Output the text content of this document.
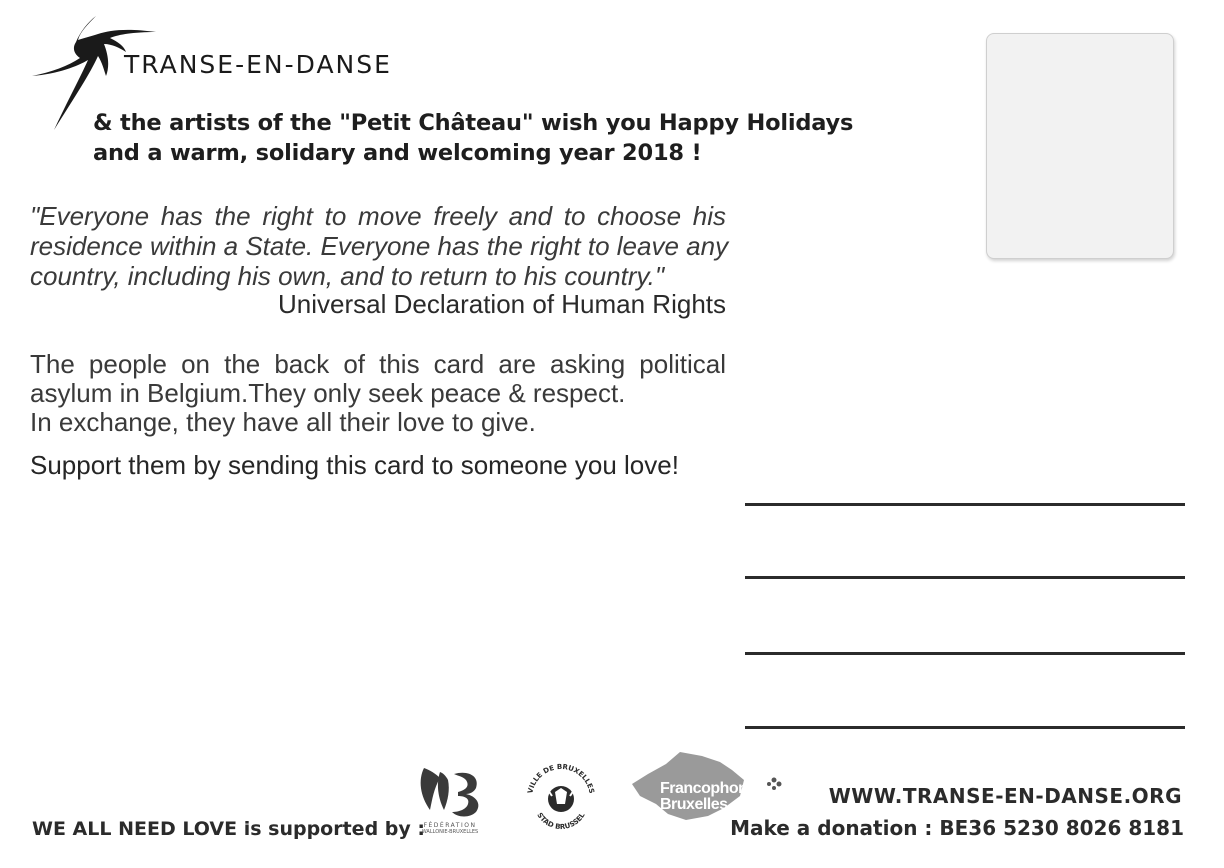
TRANSE-EN-DANSE
& the artists of the "Petit Château" wish you Happy Holidays
and a warm, solidary and welcoming year 2018 !
"Everyone has the right to move freely and to choose his
residence within a State. Everyone has the right to leave any
country, including his own, and to return to his country."
Universal Declaration of Human Rights
The people on the back of this card are asking political
asylum in Belgium.They only seek peace & respect.
In exchange, they have all their love to give.
Support them by sending this card to someone you love!
WE ALL NEED LOVE is supported by :
FÉDÉRATION
WALLONIE-BRUXELLES
VILLE DE BRUXELLES
STAD BRUSSEL
Francophones
Bruxelles	WWW.TRANSE-EN-DANSE.ORG
Make a donation : BE36 5230 8026 8181
